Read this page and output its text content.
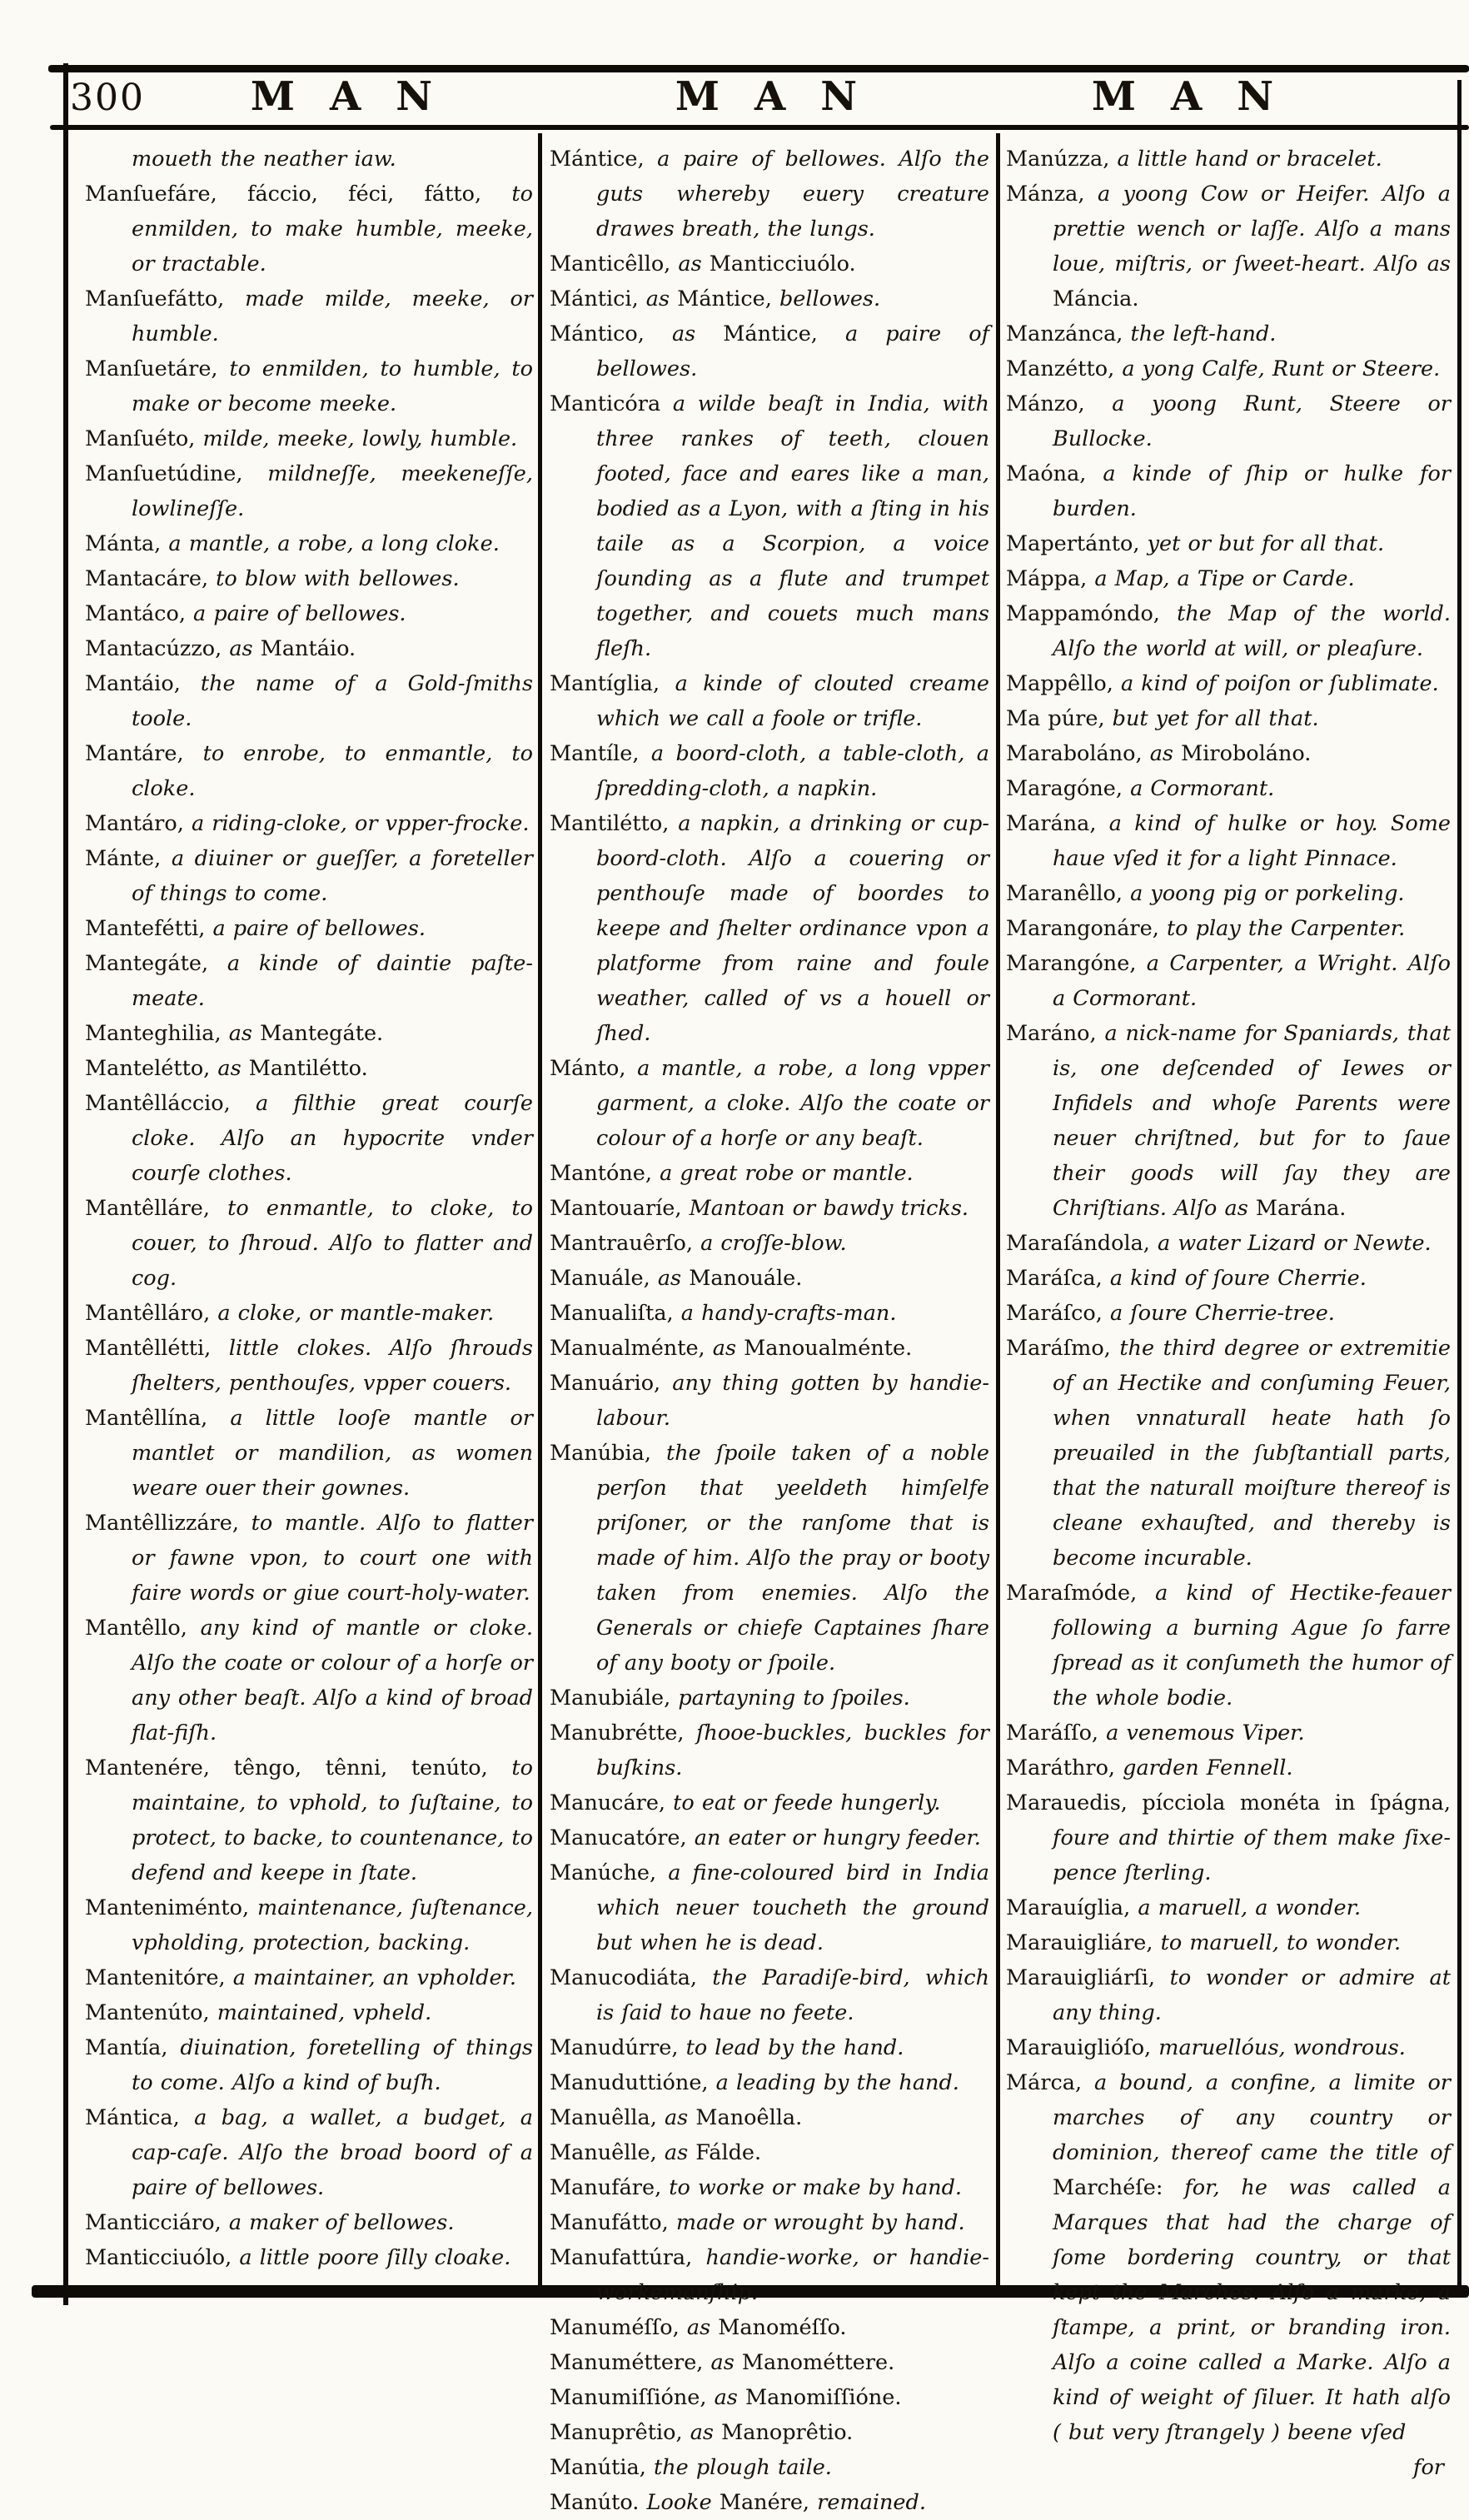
300	MAN	MAN	MAN
moueth the neather iaw.
Manſuefáre, fáccio, féci, fátto, to enmilden, to make humble, meeke, or tractable.
Manſuefátto, made milde, meeke, or humble.
Manſuetáre, to enmilden, to humble, to make or become meeke.
Manſuéto, milde, meeke, lowly, humble.
Manſuetúdine, mildneſſe, meekeneſſe, lowlineſſe.
Mánta, a mantle, a robe, a long cloke.
Mantacáre, to blow with bellowes.
Mantáco, a paire of bellowes.
Mantacúzzo, as Mantáio.
Mantáio, the name of a Gold-ſmiths toole.
Mantáre, to enrobe, to enmantle, to cloke.
Mantáro, a riding-cloke, or vpper-frocke.
Mánte, a diuiner or gueſſer, a foreteller of things to come.
Mantefétti, a paire of bellowes.
Mantegáte, a kinde of daintie paſte-meate.
Manteghilia, as Mantegáte.
Mantelétto, as Mantilétto.
Mantêlláccio, a filthie great courſe cloke. Alſo an hypocrite vnder courſe clothes.
Mantêlláre, to enmantle, to cloke, to couer, to ſhroud. Alſo to flatter and cog.
Mantêlláro, a cloke, or mantle-maker.
Mantêllétti, little clokes. Alſo ſhrouds ſhelters, penthouſes, vpper couers.
Mantêllína, a little looſe mantle or mantlet or mandilion, as women weare ouer their gownes.
Mantêllizzáre, to mantle. Alſo to flatter or fawne vpon, to court one with faire words or giue court-holy-water.
Mantêllo, any kind of mantle or cloke. Alſo the coate or colour of a horſe or any other beaſt. Alſo a kind of broad flat-fiſh.
Mantenére, têngo, tênni, tenúto, to maintaine, to vphold, to ſuſtaine, to protect, to backe, to countenance, to defend and keepe in ſtate.
Manteniménto, maintenance, ſuſtenance, vpholding, protection, backing.
Mantenitóre, a maintainer, an vpholder.
Mantenúto, maintained, vpheld.
Mantía, diuination, foretelling of things to come. Alſo a kind of buſh.
Mántica, a bag, a wallet, a budget, a cap-caſe. Alſo the broad boord of a paire of bellowes.
Manticciáro, a maker of bellowes.
Manticciuólo, a little poore ſilly cloake.
Mántice, a paire of bellowes. Alſo the guts whereby euery creature drawes breath, the lungs.
Manticêllo, as Manticciuólo.
Mántici, as Mántice, bellowes.
Mántico, as Mántice, a paire of bellowes.
Manticóra a wilde beaſt in India, with three rankes of teeth, clouen footed, face and eares like a man, bodied as a Lyon, with a ſting in his taile as a Scorpion, a voice ſounding as a flute and trumpet together, and couets much mans fleſh.
Mantíglia, a kinde of clouted creame which we call a foole or trifle.
Mantíle, a boord-cloth, a table-cloth, a ſpredding-cloth, a napkin.
Mantilétto, a napkin, a drinking or cup-boord-cloth. Alſo a couering or penthouſe made of boordes to keepe and ſhelter ordinance vpon a platforme from raine and foule weather, called of vs a houell or ſhed.
Mánto, a mantle, a robe, a long vpper garment, a cloke. Alſo the coate or colour of a horſe or any beaſt.
Mantóne, a great robe or mantle.
Mantouaríe, Mantoan or bawdy tricks.
Mantrauêrſo, a croſſe-blow.
Manuále, as Manouále.
Manualiſta, a handy-crafts-man.
Manualménte, as Manoualménte.
Manuário, any thing gotten by handie-labour.
Manúbia, the ſpoile taken of a noble perſon that yeeldeth himſelfe priſoner, or the ranſome that is made of him. Alſo the pray or booty taken from enemies. Alſo the Generals or chiefe Captaines ſhare of any booty or ſpoile.
Manubiále, partayning to ſpoiles.
Manubrétte, ſhooe-buckles, buckles for buſkins.
Manucáre, to eat or feede hungerly.
Manucatóre, an eater or hungry feeder.
Manúche, a fine-coloured bird in India which neuer toucheth the ground but when he is dead.
Manucodiáta, the Paradiſe-bird, which is ſaid to haue no feete.
Manudúrre, to lead by the hand.
Manuduttióne, a leading by the hand.
Manuêlla, as Manoêlla.
Manuêlle, as Fálde.
Manufáre, to worke or make by hand.
Manufátto, made or wrought by hand.
Manufattúra, handie-worke, or handie-workemanſhip.
Manuméſſo, as Manoméſſo.
Manuméttere, as Manométtere.
Manumiſſióne, as Manomiſſióne.
Manuprêtio, as Manoprêtio.
Manútia, the plough taile.
Manúto. Looke Manére, remained.
Manúzza, a little hand or bracelet.
Mánza, a yoong Cow or Heifer. Alſo a prettie wench or laſſe. Alſo a mans loue, miſtris, or ſweet-heart. Alſo as Máncia.
Manzánca, the left-hand.
Manzétto, a yong Calfe, Runt or Steere.
Mánzo, a yoong Runt, Steere or Bullocke.
Maóna, a kinde of ſhip or hulke for burden.
Mapertánto, yet or but for all that.
Máppa, a Map, a Tipe or Carde.
Mappamóndo, the Map of the world. Alſo the world at will, or pleaſure.
Mappêllo, a kind of poiſon or ſublimate.
Ma púre, but yet for all that.
Maraboláno, as Miroboláno.
Maragóne, a Cormorant.
Marána, a kind of hulke or hoy. Some haue vſed it for a light Pinnace.
Maranêllo, a yoong pig or porkeling.
Marangonáre, to play the Carpenter.
Marangóne, a Carpenter, a Wright. Alſo a Cormorant.
Maráno, a nick-name for Spaniards, that is, one deſcended of Iewes or Infidels and whoſe Parents were neuer chriſtned, but for to ſaue their goods will ſay they are Chriſtians. Alſo as Marána.
Maraſándola, a water Lizard or Newte.
Maráſca, a kind of ſoure Cherrie.
Maráſco, a ſoure Cherrie-tree.
Maráſmo, the third degree or extremitie of an Hectike and conſuming Feuer, when vnnaturall heate hath ſo preuailed in the ſubſtantiall parts, that the naturall moiſture thereof is cleane exhauſted, and thereby is become incurable.
Maraſmóde, a kind of Hectike-feauer following a burning Ague ſo farre ſpread as it conſumeth the humor of the whole bodie.
Maráſſo, a venemous Viper.
Maráthro, garden Fennell.
Marauedis, pícciola monéta in ſpágna, foure and thirtie of them make ſixe-pence ſterling.
Marauíglia, a maruell, a wonder.
Marauigliáre, to maruell, to wonder.
Marauigliárſi, to wonder or admire at any thing.
Marauiglióſo, maruellóus, wondrous.
Márca, a bound, a confine, a limite or marches of any country or dominion, thereof came the title of Marchéſe: for, he was called a Marques that had the charge of ſome bordering country, or that kept the Marches. Alſo a marke, a ſtampe, a print, or branding iron. Alſo a coine called a Marke. Alſo a kind of weight of ſiluer. It hath alſo ( but very ſtrangely ) beene vſed
for
